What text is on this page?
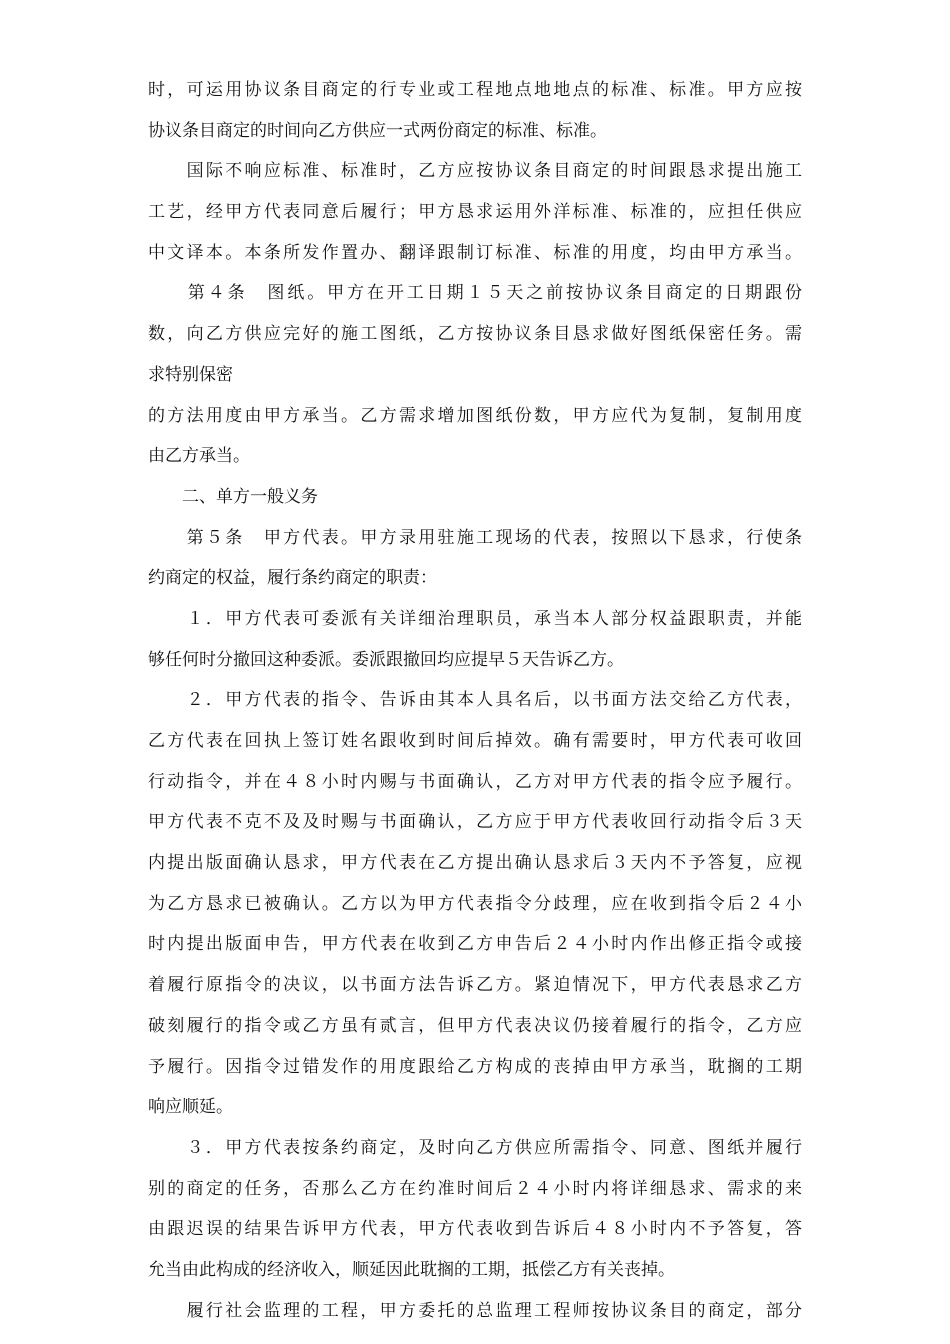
时，可运用协议条目商定的行专业或工程地点地地点的标准、标准。甲方应按
协议条目商定的时间向乙方供应一式两份商定的标准、标准。
　　国际不响应标准、标准时，乙方应按协议条目商定的时间跟恳求提出施工
工艺，经甲方代表同意后履行；甲方恳求运用外洋标准、标准的，应担任供应
中文译本。本条所发作置办、翻译跟制订标准、标准的用度，均由甲方承当。
　　第４条　图纸。甲方在开工日期１５天之前按协议条目商定的日期跟份
数，向乙方供应完好的施工图纸，乙方按协议条目恳求做好图纸保密任务。需
求特别保密
的方法用度由甲方承当。乙方需求增加图纸份数，甲方应代为复制，复制用度
由乙方承当。
　　二、单方一般义务
　　第５条　甲方代表。甲方录用驻施工现场的代表，按照以下恳求，行使条
约商定的权益，履行条约商定的职责：
　　１．甲方代表可委派有关详细治理职员，承当本人部分权益跟职责，并能
够任何时分撤回这种委派。委派跟撤回均应提早５天告诉乙方。
　　２．甲方代表的指令、告诉由其本人具名后，以书面方法交给乙方代表，
乙方代表在回执上签订姓名跟收到时间后掉效。确有需要时，甲方代表可收回
行动指令，并在４８小时内赐与书面确认，乙方对甲方代表的指令应予履行。
甲方代表不克不及及时赐与书面确认，乙方应于甲方代表收回行动指令后３天
内提出版面确认恳求，甲方代表在乙方提出确认恳求后３天内不予答复，应视
为乙方恳求已被确认。乙方以为甲方代表指令分歧理，应在收到指令后２４小
时内提出版面申告，甲方代表在收到乙方申告后２４小时内作出修正指令或接
着履行原指令的决议，以书面方法告诉乙方。紧迫情况下，甲方代表恳求乙方
破刻履行的指令或乙方虽有贰言，但甲方代表决议仍接着履行的指令，乙方应
予履行。因指令过错发作的用度跟给乙方构成的丧掉由甲方承当，耽搁的工期
响应顺延。
　　３．甲方代表按条约商定，及时向乙方供应所需指令、同意、图纸并履行
别的商定的任务，否那么乙方在约准时间后２４小时内将详细恳求、需求的来
由跟迟误的结果告诉甲方代表，甲方代表收到告诉后４８小时内不予答复，答
允当由此构成的经济收入，顺延因此耽搁的工期，抵偿乙方有关丧掉。
　　履行社会监理的工程，甲方委托的总监理工程师按协议条目的商定，部分
